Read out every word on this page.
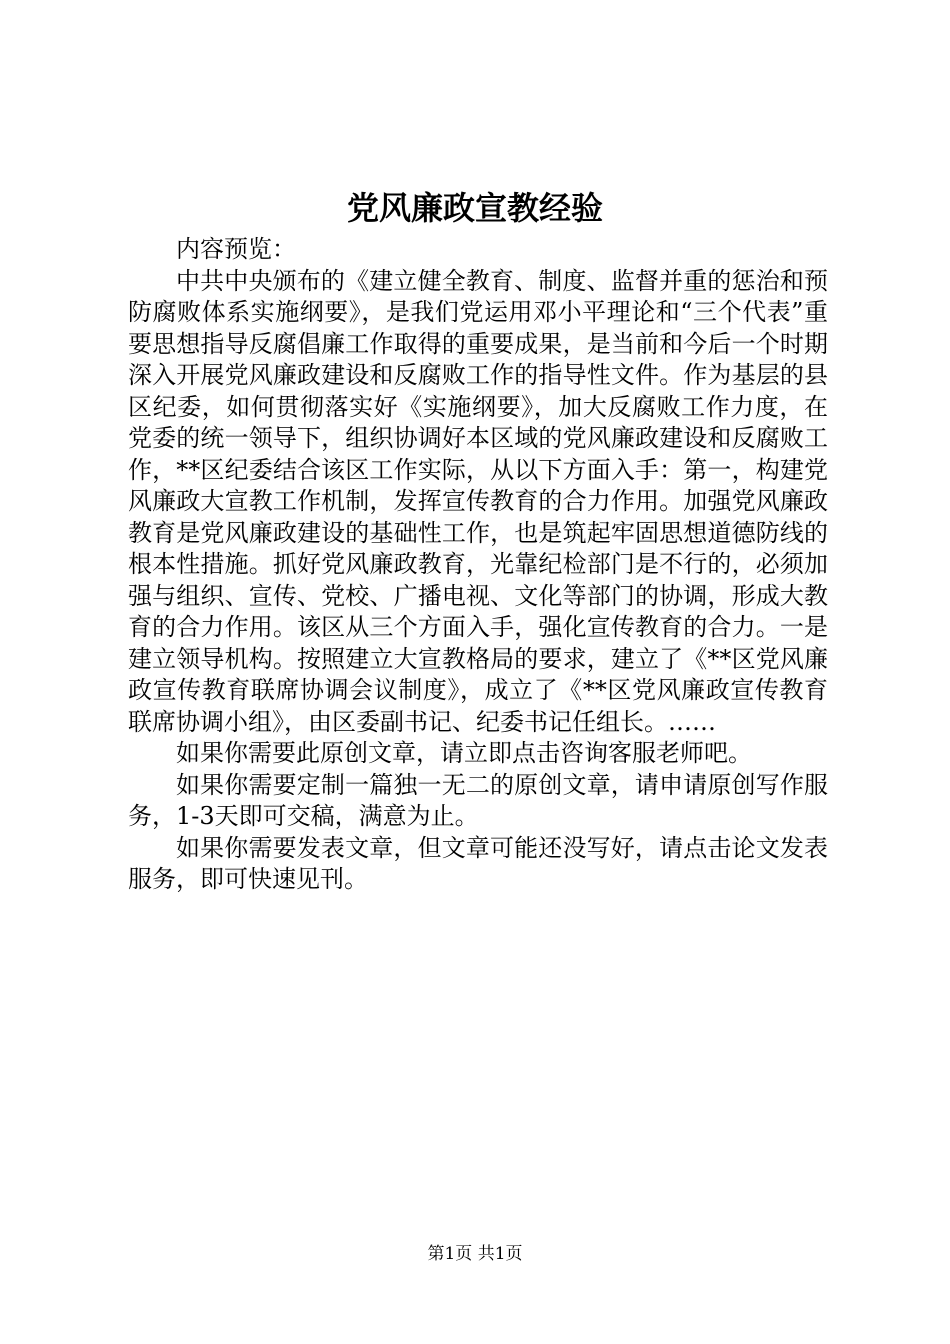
党风廉政宣教经验

内容预览：

中共中央颁布的《建立健全教育、制度、监督并重的惩治和预防腐败体系实施纲要》，是我们党运用邓小平理论和“三个代表”重要思想指导反腐倡廉工作取得的重要成果，是当前和今后一个时期深入开展党风廉政建设和反腐败工作的指导性文件。作为基层的县区纪委，如何贯彻落实好《实施纲要》，加大反腐败工作力度，在党委的统一领导下，组织协调好本区域的党风廉政建设和反腐败工作，**区纪委结合该区工作实际，从以下方面入手：第一，构建党风廉政大宣教工作机制，发挥宣传教育的合力作用。加强党风廉政教育是党风廉政建设的基础性工作，也是筑起牢固思想道德防线的根本性措施。抓好党风廉政教育，光靠纪检部门是不行的，必须加强与组织、宣传、党校、广播电视、文化等部门的协调，形成大教育的合力作用。该区从三个方面入手，强化宣传教育的合力。一是建立领导机构。按照建立大宣教格局的要求，建立了《**区党风廉政宣传教育联席协调会议制度》，成立了《**区党风廉政宣传教育联席协调小组》，由区委副书记、纪委书记任组长。……

如果你需要此原创文章，请立即点击咨询客服老师吧。

如果你需要定制一篇独一无二的原创文章，请申请原创写作服务，1-3天即可交稿，满意为止。

如果你需要发表文章，但文章可能还没写好，请点击论文发表服务，即可快速见刊。

第1页 共1页
